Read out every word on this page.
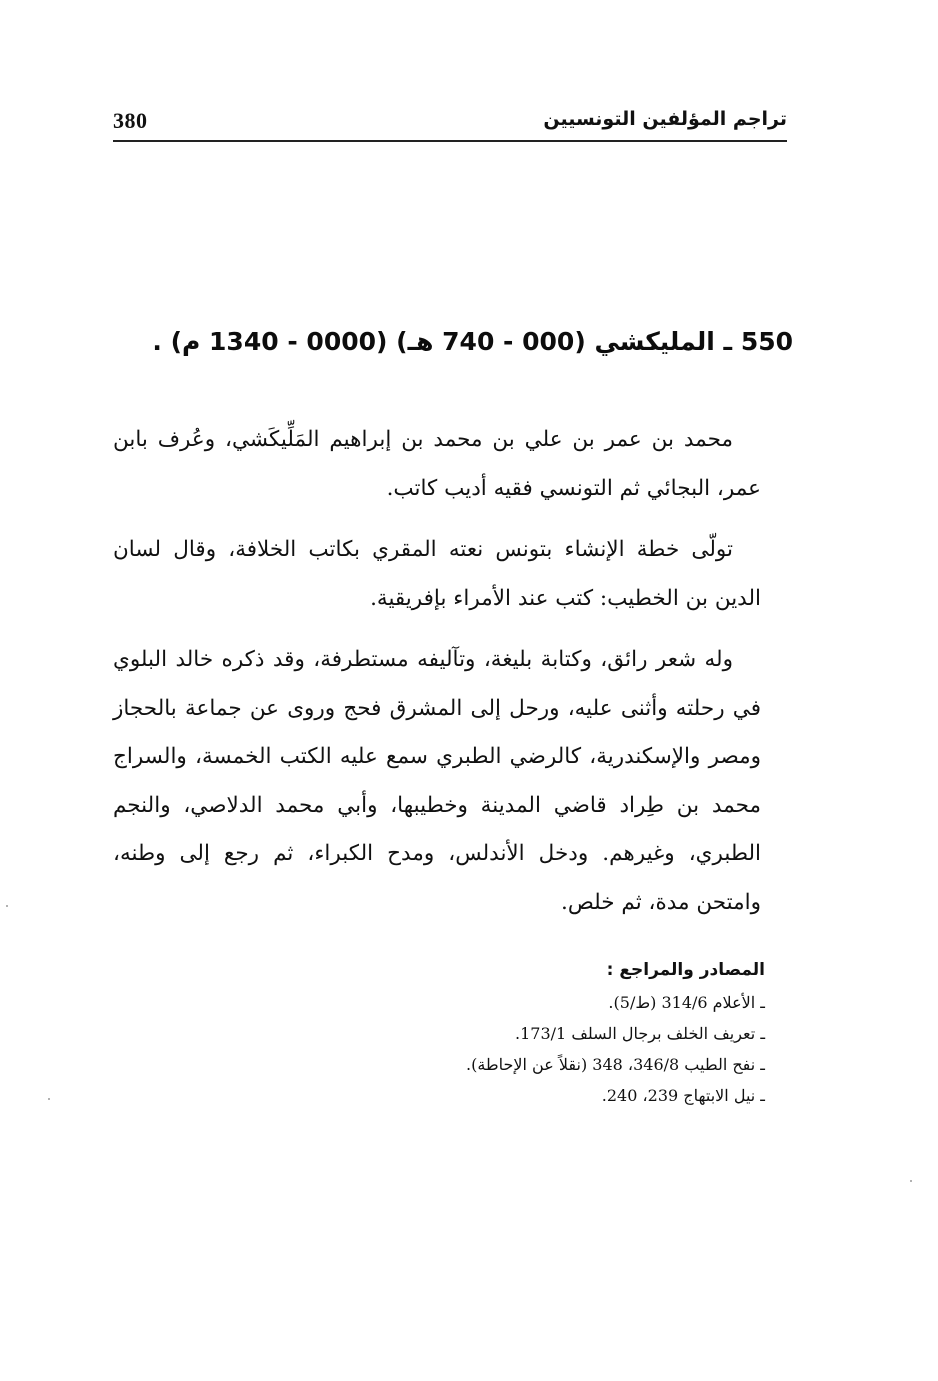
380	تراجم المؤلفين التونسيين
550 ـ المليكشي (000 - 740 هـ) (0000 - 1340 م) .

محمد بن عمر بن علي بن محمد بن إبراهيم المَلِّيكَشي، وعُرف بابن عمر، البجائي ثم التونسي فقيه أديب كاتب.

تولّى خطة الإنشاء بتونس نعته المقري بكاتب الخلافة، وقال لسان الدين بن الخطيب: كتب عند الأمراء بإفريقية.

وله شعر رائق، وكتابة بليغة، وتآليفه مستطرفة، وقد ذكره خالد البلوي في رحلته وأثنى عليه، ورحل إلى المشرق فحج وروى عن جماعة بالحجاز ومصر والإسكندرية، كالرضي الطبري سمع عليه الكتب الخمسة، والسراج محمد بن طِراد قاضي المدينة وخطيبها، وأبي محمد الدلاصي، والنجم الطبري، وغيرهم. ودخل الأندلس، ومدح الكبراء، ثم رجع إلى وطنه، وامتحن مدة، ثم خلص.

المصادر والمراجع :
ـ الأعلام 314/6 (ط/5).
ـ تعريف الخلف برجال السلف 173/1.
ـ نفح الطيب 346/8، 348 (نقلاً عن الإحاطة).
ـ نيل الابتهاج 239، 240.
